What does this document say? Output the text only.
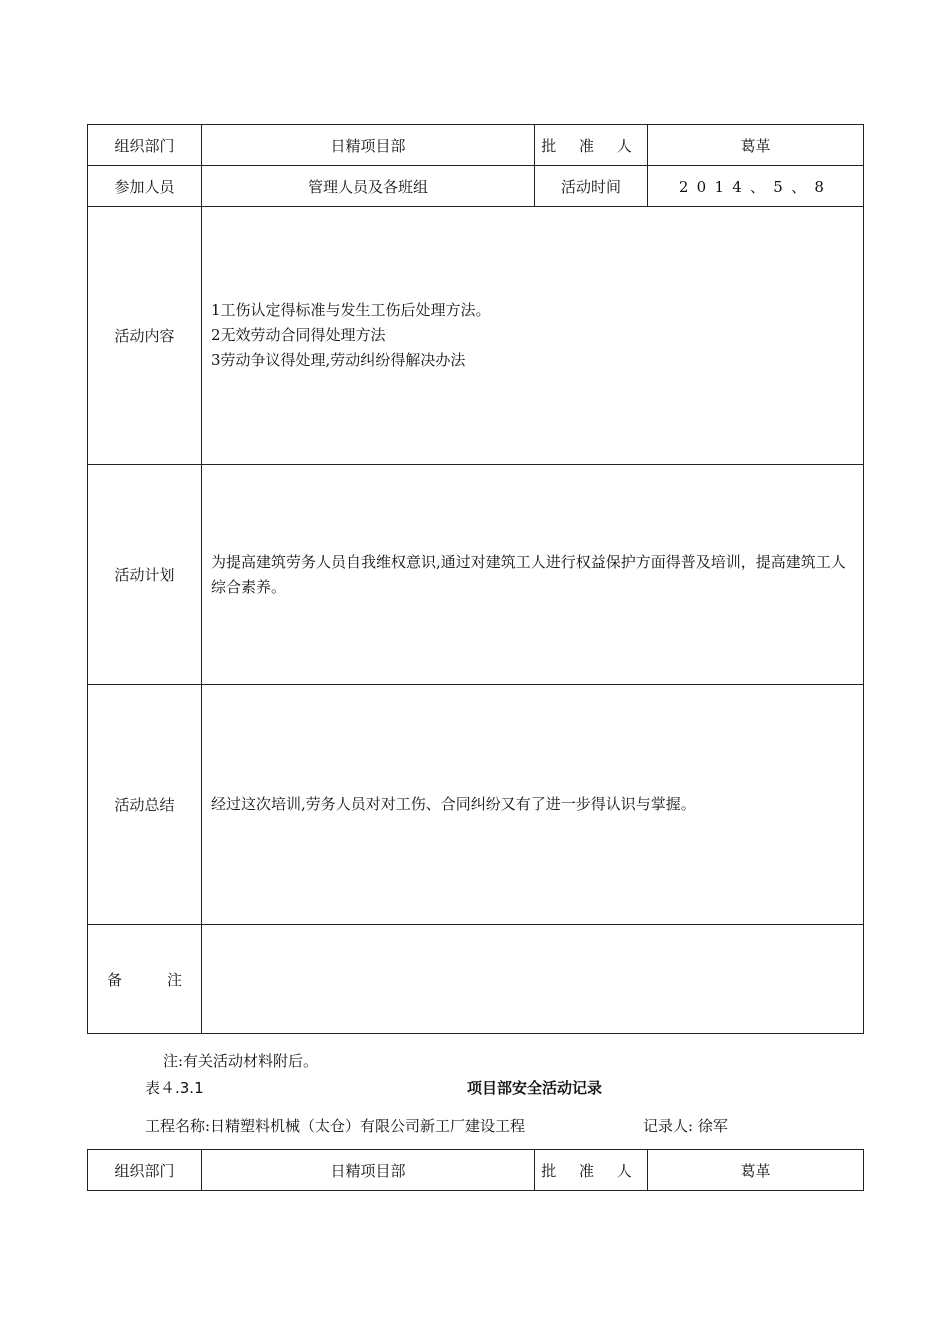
组织部门	日精项目部	批 准 人	葛革
参加人员	管理人员及各班组	活动时间	2014、5、8
活动内容	1工伤认定得标准与发生工伤后处理方法。
2无效劳动合同得处理方法
3劳动争议得处理,劳动纠纷得解决办法		

活动计划	为提高建筑劳务人员自我维权意识,通过对建筑工人进行权益保护方面得普及培训，提高建筑工人综合素养。		
活动总结	经过这次培训,劳务人员对对工伤、合同纠纷又有了进一步得认识与掌握。		
备 注			
注:有关活动材料附后。
表４.3.1	项目部安全活动记录
工程名称:日精塑料机械（太仓）有限公司新工厂建设工程	记录人: 徐军
组织部门	日精项目部	批 准 人	葛革
